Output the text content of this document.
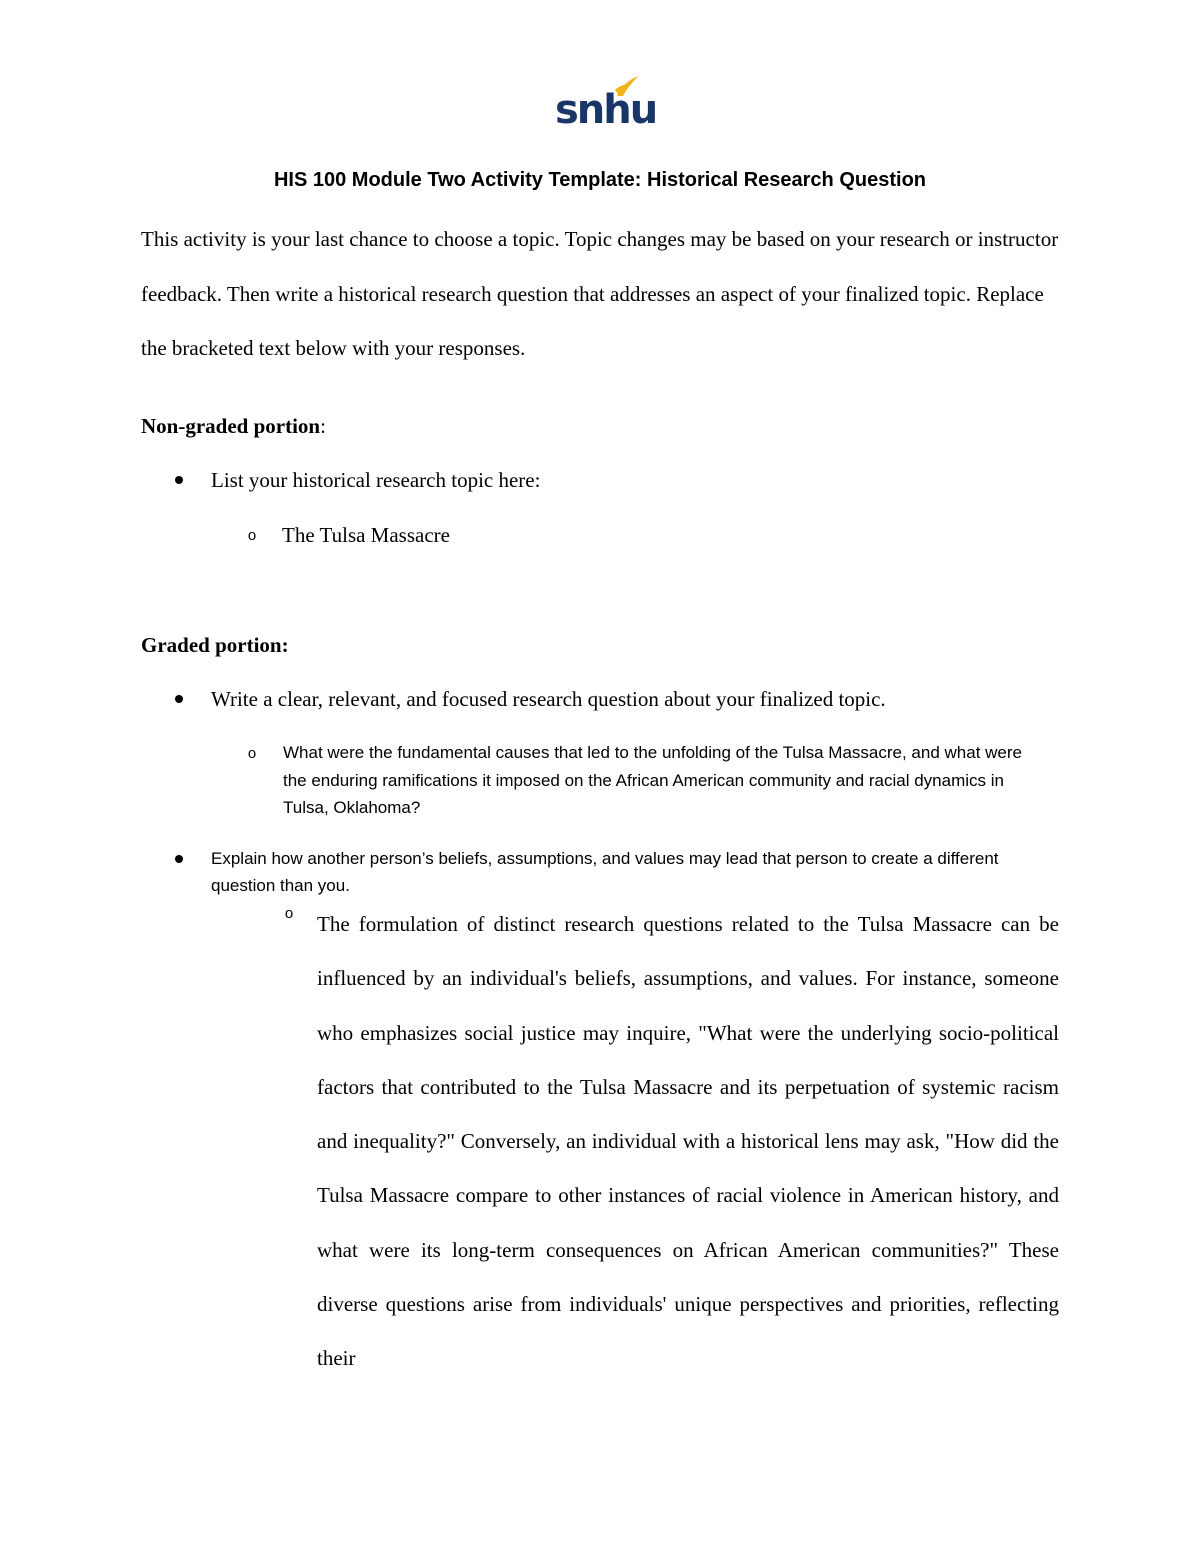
snhu
HIS 100 Module Two Activity Template: Historical Research Question
This activity is your last chance to choose a topic. Topic changes may be based on your research or instructor feedback. Then write a historical research question that addresses an aspect of your finalized topic. Replace the bracketed text below with your responses.
Non-graded portion:
List your historical research topic here:
o The Tulsa Massacre
Graded portion:
Write a clear, relevant, and focused research question about your finalized topic.
o What were the fundamental causes that led to the unfolding of the Tulsa Massacre, and what were the enduring ramifications it imposed on the African American community and racial dynamics in Tulsa, Oklahoma?
Explain how another person’s beliefs, assumptions, and values may lead that person to create a different question than you.
o The formulation of distinct research questions related to the Tulsa Massacre can be influenced by an individual's beliefs, assumptions, and values. For instance, someone who emphasizes social justice may inquire, "What were the underlying socio-political factors that contributed to the Tulsa Massacre and its perpetuation of systemic racism and inequality?" Conversely, an individual with a historical lens may ask, "How did the Tulsa Massacre compare to other instances of racial violence in American history, and what were its long-term consequences on African American communities?" These diverse questions arise from individuals' unique perspectives and priorities, reflecting their
